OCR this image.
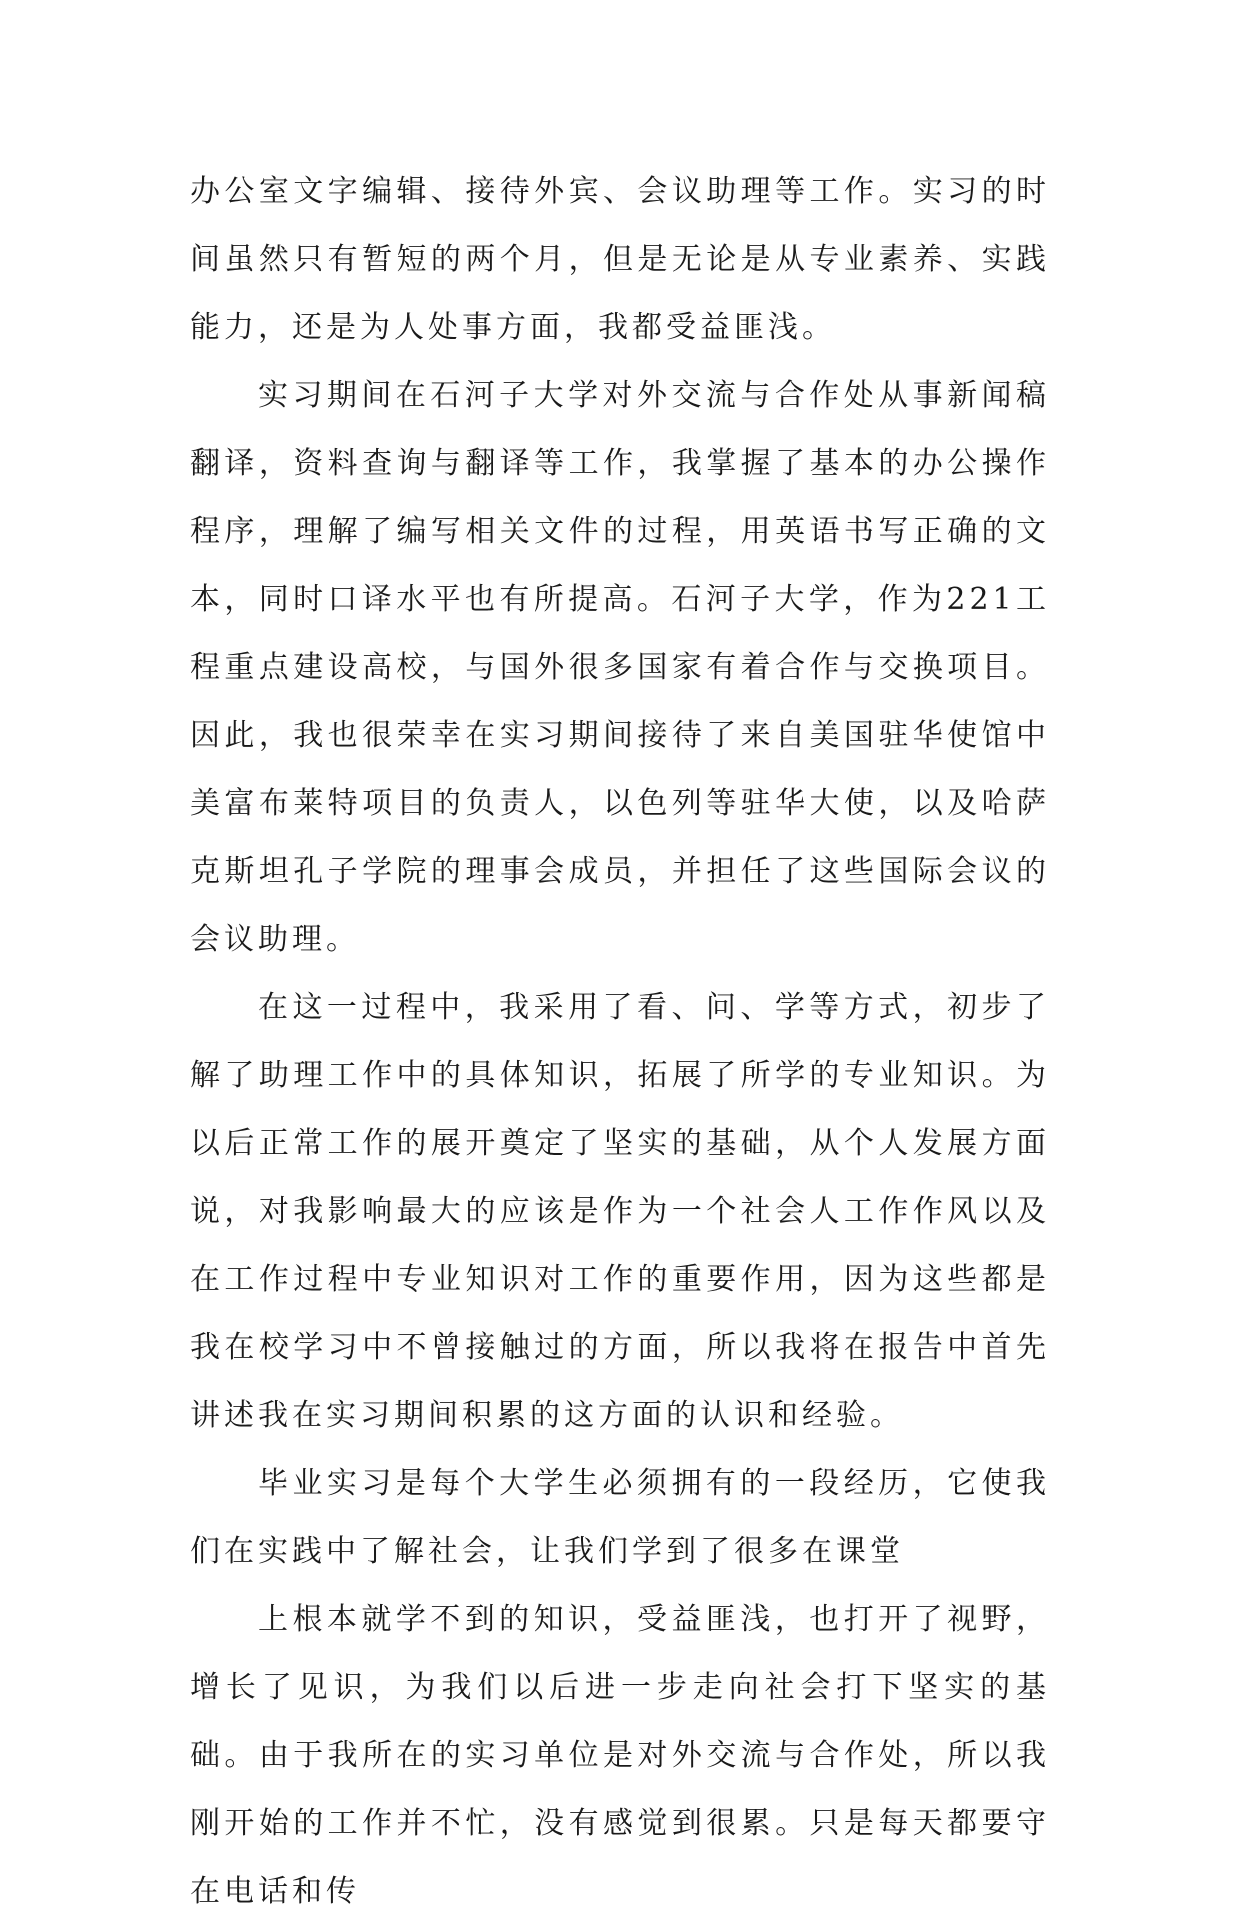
办公室文字编辑、接待外宾、会议助理等工作。实习的时间虽然只有暂短的两个月，但是无论是从专业素养、实践能力，还是为人处事方面，我都受益匪浅。

实习期间在石河子大学对外交流与合作处从事新闻稿翻译，资料查询与翻译等工作，我掌握了基本的办公操作程序，理解了编写相关文件的过程，用英语书写正确的文本，同时口译水平也有所提高。石河子大学，作为221工程重点建设高校，与国外很多国家有着合作与交换项目。因此，我也很荣幸在实习期间接待了来自美国驻华使馆中美富布莱特项目的负责人，以色列等驻华大使，以及哈萨克斯坦孔子学院的理事会成员，并担任了这些国际会议的会议助理。

在这一过程中，我采用了看、问、学等方式，初步了解了助理工作中的具体知识，拓展了所学的专业知识。为以后正常工作的展开奠定了坚实的基础，从个人发展方面说，对我影响最大的应该是作为一个社会人工作作风以及在工作过程中专业知识对工作的重要作用，因为这些都是我在校学习中不曾接触过的方面，所以我将在报告中首先讲述我在实习期间积累的这方面的认识和经验。

毕业实习是每个大学生必须拥有的一段经历，它使我们在实践中了解社会，让我们学到了很多在课堂

上根本就学不到的知识，受益匪浅，也打开了视野，增长了见识，为我们以后进一步走向社会打下坚实的基础。由于我所在的实习单位是对外交流与合作处，所以我刚开始的工作并不忙，没有感觉到很累。只是每天都要守在电话和传
